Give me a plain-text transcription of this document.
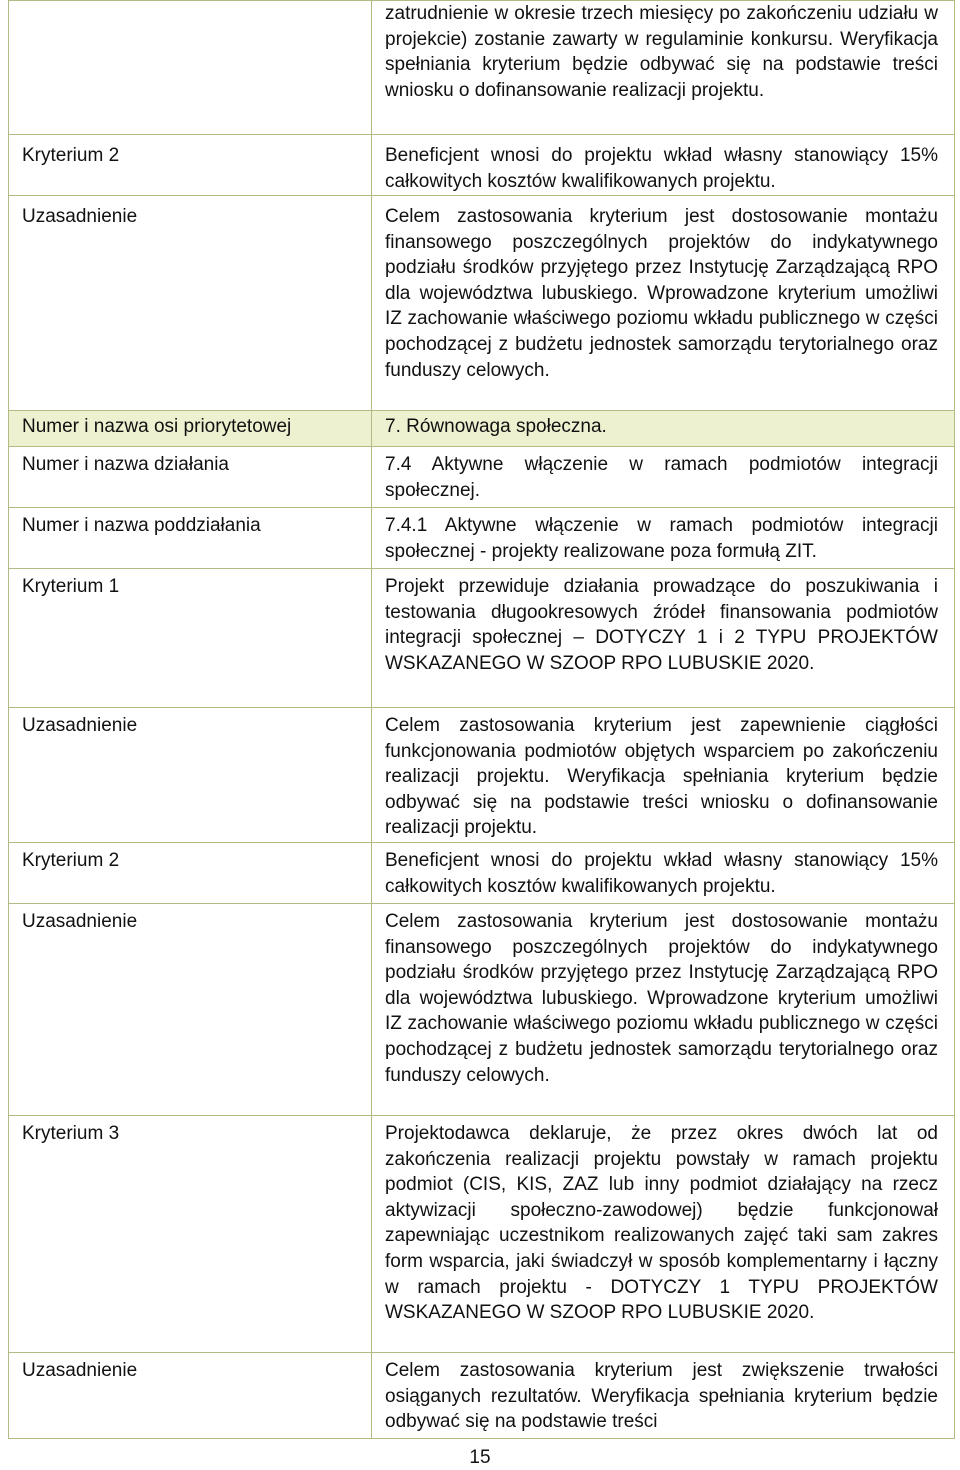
	zatrudnienie w okresie trzech miesięcy po zakończeniu udziału w projekcie) zostanie zawarty w regulaminie konkursu. Weryfikacja spełniania kryterium będzie odbywać się na podstawie treści wniosku o dofinansowanie realizacji projektu.
Kryterium 2	Beneficjent wnosi do projektu wkład własny stanowiący 15% całkowitych kosztów kwalifikowanych projektu.
Uzasadnienie	Celem zastosowania kryterium jest dostosowanie montażu finansowego poszczególnych projektów do indykatywnego podziału środków przyjętego przez Instytucję Zarządzającą RPO dla województwa lubuskiego. Wprowadzone kryterium umożliwi IZ zachowanie właściwego poziomu wkładu publicznego w części pochodzącej z budżetu jednostek samorządu terytorialnego oraz funduszy celowych.
Numer i nazwa osi priorytetowej	7. Równowaga społeczna.
Numer i nazwa działania	7.4 Aktywne włączenie w ramach podmiotów integracji społecznej.
Numer i nazwa poddziałania	7.4.1 Aktywne włączenie w ramach podmiotów integracji społecznej - projekty realizowane poza formułą ZIT.
Kryterium 1	Projekt przewiduje działania prowadzące do poszukiwania i testowania długookresowych źródeł finansowania podmiotów integracji społecznej – DOTYCZY 1 i 2 TYPU PROJEKTÓW WSKAZANEGO W SZOOP RPO LUBUSKIE 2020.
Uzasadnienie	Celem zastosowania kryterium jest zapewnienie ciągłości funkcjonowania podmiotów objętych wsparciem po zakończeniu realizacji projektu. Weryfikacja spełniania kryterium będzie odbywać się na podstawie treści wniosku o dofinansowanie realizacji projektu.
Kryterium 2	Beneficjent wnosi do projektu wkład własny stanowiący 15% całkowitych kosztów kwalifikowanych projektu.
Uzasadnienie	Celem zastosowania kryterium jest dostosowanie montażu finansowego poszczególnych projektów do indykatywnego podziału środków przyjętego przez Instytucję Zarządzającą RPO dla województwa lubuskiego. Wprowadzone kryterium umożliwi IZ zachowanie właściwego poziomu wkładu publicznego w części pochodzącej z budżetu jednostek samorządu terytorialnego oraz funduszy celowych.
Kryterium 3	Projektodawca deklaruje, że przez okres dwóch lat od zakończenia realizacji projektu powstały w ramach projektu podmiot (CIS, KIS, ZAZ lub inny podmiot działający na rzecz aktywizacji społeczno-zawodowej) będzie funkcjonował zapewniając uczestnikom realizowanych zajęć taki sam zakres form wsparcia, jaki świadczył w sposób komplementarny i łączny w ramach projektu - DOTYCZY 1 TYPU PROJEKTÓW WSKAZANEGO W SZOOP RPO LUBUSKIE 2020.
Uzasadnienie	Celem zastosowania kryterium jest zwiększenie trwałości osiąganych rezultatów. Weryfikacja spełniania kryterium będzie odbywać się na podstawie treści
15
